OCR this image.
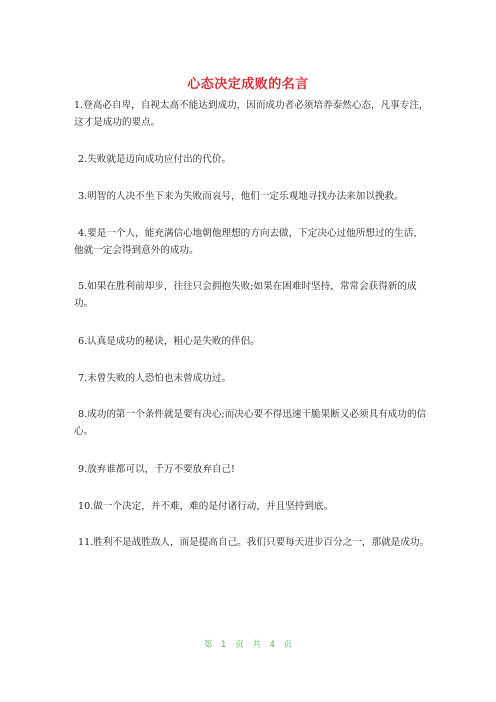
心态决定成败的名言

1.登高必自卑，自视太高不能达到成功，因而成功者必须培养泰然心态，凡事专注，这才是成功的要点。

2.失败就是迈向成功应付出的代价。

3.明智的人决不坐下来为失败而哀号，他们一定乐观地寻找办法来加以挽救。

4.要是一个人，能充满信心地朝他理想的方向去做，下定决心过他所想过的生活，他就一定会得到意外的成功。

5.如果在胜利前却步，往往只会拥抱失败;如果在困难时坚持，常常会获得新的成功。

6.认真是成功的秘诀，粗心是失败的伴侣。

7.未曾失败的人恐怕也未曾成功过。

8.成功的第一个条件就是要有决心;而决心要不得迅速干脆果断又必须具有成功的信心。

9.放弃谁都可以，千万不要放弃自己!

10.做一个决定，并不难，难的是付诸行动，并且坚持到底。

11.胜利不是战胜敌人，而是提高自己。我们只要每天进步百分之一，那就是成功。

第 1 页 共 4 页
